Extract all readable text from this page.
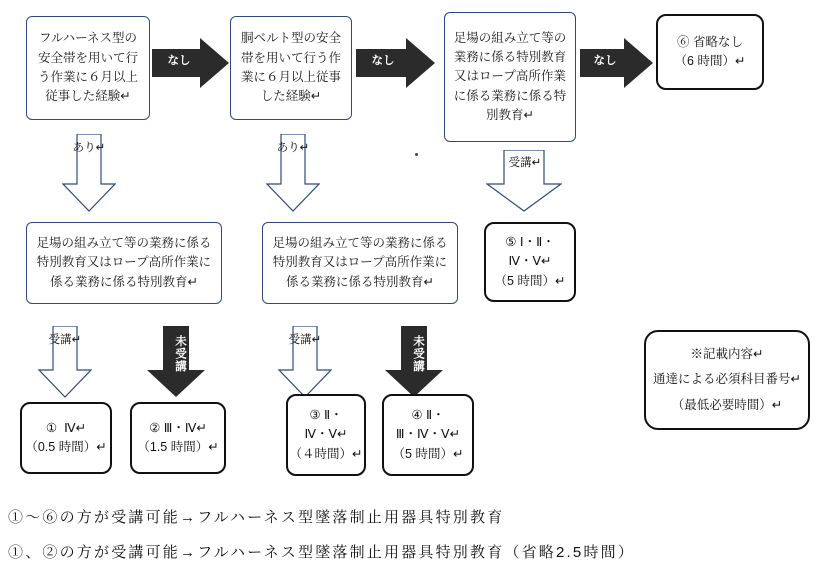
フルハーネス型の安全帯を用いて行う作業に６月以上従事した経験↵
胴ベルト型の安全帯を用いて行う作業に６月以上従事した経験↵
足場の組み立て等の業務に係る特別教育又はロープ高所作業に係る業務に係る特別教育↵
⑥ 省略なし
（6 時間）↵
なし	なし	なし
あり↵	あり↵
受講↵
足場の組み立て等の業務に係る特別教育又はロープ高所作業に係る業務に係る特別教育↵
足場の組み立て等の業務に係る特別教育又はロープ高所作業に係る業務に係る特別教育↵
⑤ Ⅰ・Ⅱ・
Ⅳ・Ⅴ↵
（5 時間）↵
受講↵	未受講	受講↵	未受講
① Ⅳ↵
（0.5 時間）↵
② Ⅲ・Ⅳ↵
（1.5 時間）↵
③ Ⅱ・
Ⅳ・Ⅴ↵
（４時間）↵
④ Ⅱ・
Ⅲ・Ⅳ・Ⅴ↵
（5 時間）↵
※記載内容↵
通達による必須科目番号↵
（最低必要時間）↵
①～⑥の方が受講可能→フルハーネス型墜落制止用器具特別教育
①、②の方が受講可能→フルハーネス型墜落制止用器具特別教育（省略2.5時間）
